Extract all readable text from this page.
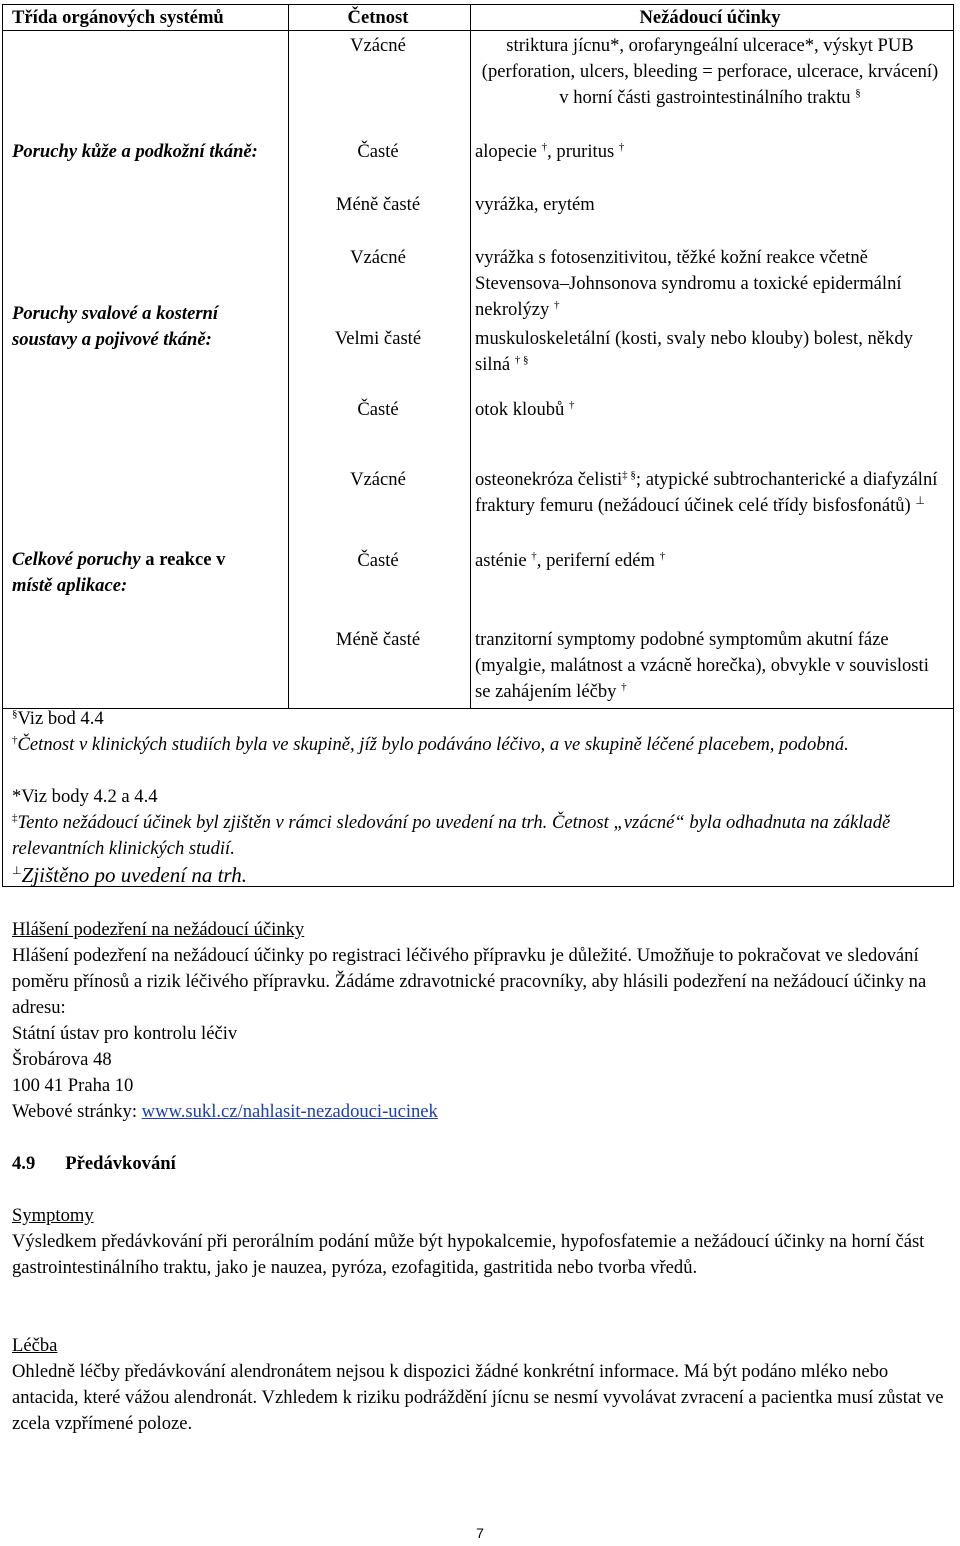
Třída orgánových systémů	Četnost	Nežádoucí účinky
Vzácné	striktura jícnu*, orofaryngeální ulcerace*, výskyt PUB (perforation, ulcers, bleeding = perforace, ulcerace, krvácení) v horní části gastrointestinálního traktu §
Poruchy kůže a podkožní tkáně:	Časté	alopecie †, pruritus †
Méně časté	vyrážka, erytém
Vzácné	vyrážka s fotosenzitivitou, těžké kožní reakce včetně Stevensova–Johnsonova syndromu a toxické epidermální nekrolýzy †
Poruchy svalové a kosterní soustavy a pojivové tkáně:	Velmi časté	muskuloskeletální (kosti, svaly nebo klouby) bolest, někdy silná † §
Časté	otok kloubů †
Celkové poruchy a reakce v
místě aplikace:
Vzácné	osteonekróza čelisti‡ §; atypické subtrochanterické a diafyzální fraktury femuru (nežádoucí účinek celé třídy bisfosfonátů) ⊥
Časté	asténie †, periferní edém †
Méně časté	tranzitorní symptomy podobné symptomům akutní fáze (myalgie, malátnost a vzácně horečka), obvykle v souvislosti se zahájením léčby †
§Viz bod 4.4
†Četnost v klinických studiích byla ve skupině, jíž bylo podáváno léčivo, a ve skupině léčené placebem, podobná.
*Viz body 4.2 a 4.4
‡Tento nežádoucí účinek byl zjištěn v rámci sledování po uvedení na trh. Četnost „vzácné“ byla odhadnuta na základě relevantních klinických studií.
⊥Zjištěno po uvedení na trh.
Hlášení podezření na nežádoucí účinky
Hlášení podezření na nežádoucí účinky po registraci léčivého přípravku je důležité. Umožňuje to pokračovat ve sledování poměru přínosů a rizik léčivého přípravku. Žádáme zdravotnické pracovníky, aby hlásili podezření na nežádoucí účinky na adresu:
Státní ústav pro kontrolu léčiv
Šrobárova 48
100 41 Praha 10
Webové stránky: www.sukl.cz/nahlasit-nezadouci-ucinek
4.9 Předávkování
Symptomy
Výsledkem předávkování při perorálním podání může být hypokalcemie, hypofosfatemie a nežádoucí účinky na horní část gastrointestinálního traktu, jako je nauzea, pyróza, ezofagitida, gastritida nebo tvorba vředů.
Léčba
Ohledně léčby předávkování alendronátem nejsou k dispozici žádné konkrétní informace. Má být podáno mléko nebo antacida, které vážou alendronát. Vzhledem k riziku podráždění jícnu se nesmí vyvolávat zvracení a pacientka musí zůstat ve zcela vzpřímené poloze.
7
